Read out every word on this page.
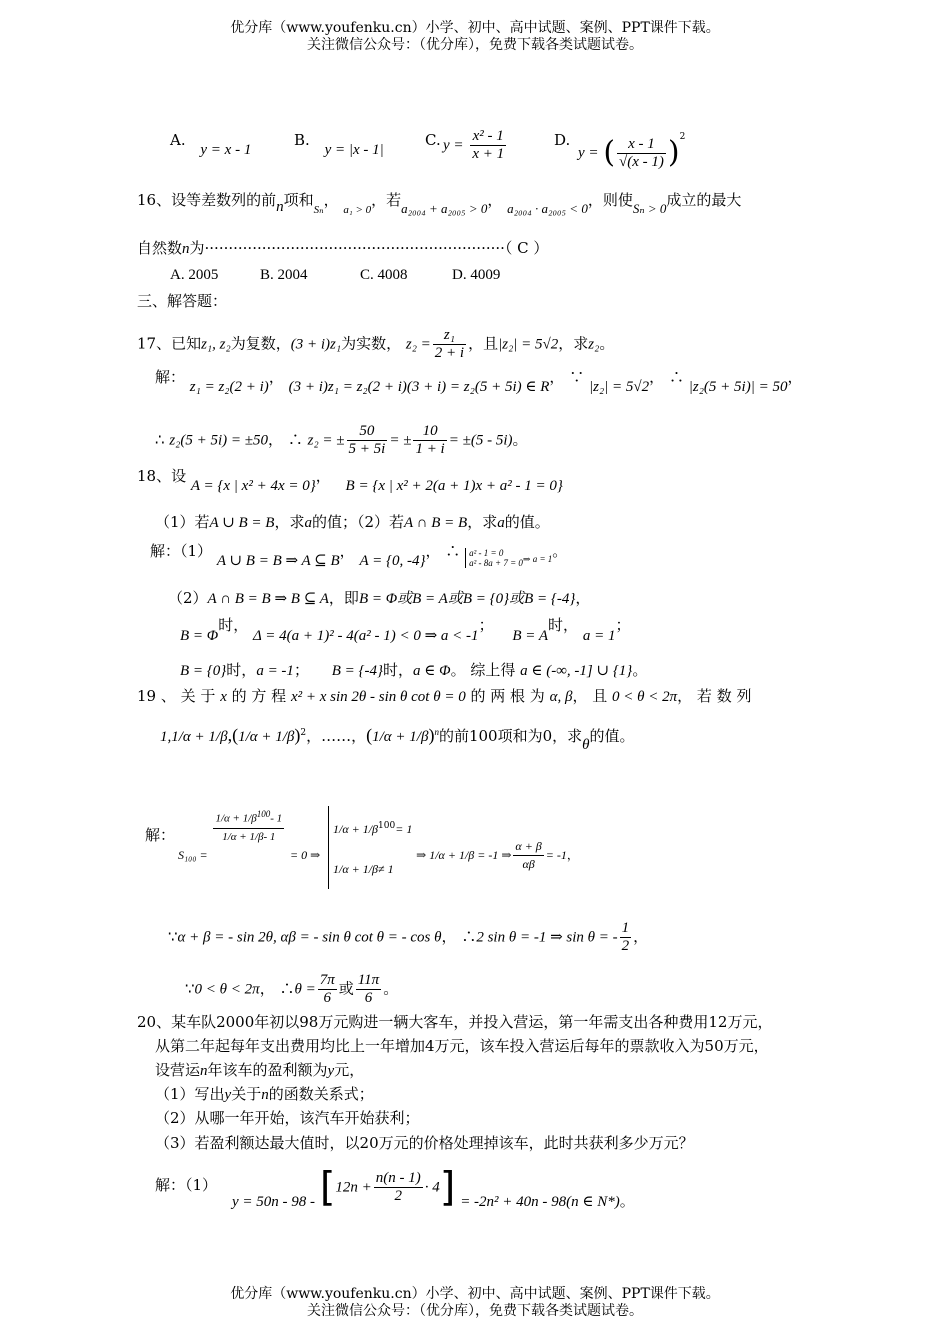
优分库（www.youfenku.cn）小学、初中、高中试题、案例、PPT课件下载。
关注微信公众号：（优分库），免费下载各类试题试卷。
A. y = x - 1
B. y = |x - 1|
C. $y = \frac{\text{x² - 1}}{x + 1}$	D.
y = ( $\frac{x - 1}{√(x - 1)} )^2$
16、设等差数列的前n项和$_{S_n}$， $_{a_1 > 0}$，若a₂₀₀₄ + a₂₀₀₅ > 0， a₂₀₀₄ · a₂₀₀₅ < 0，则使Sₙ > 0成立的最大
自然数n为·······························································（ C ）
A. 2005	B. 2004	C. 4008	D. 4009
三、解答题：
17、已知z₁, z₂为复数，(3 + i)z₁为实数， $z_2 = \frac{\text{z₁}}{2 + i}$ ，且|z₂| = 5√2，求z₂。
解： z₁ = z₂(2 + i)， (3 + i)z₁ = z₂(2 + i)(3 + i) = z₂(5 + 5i) ∈ R， ∵ |z₂| = 5√2， ∴ |z₂(5 + 5i)| = 50，
∴ z₂(5 + 5i) = ±50， ∴ z₂ = ± $\frac{50}{5 + 5i}$ = ± $\frac{10}{1 + i} = \pm(5 - 5i)$。
18、设 A = {x | x² + 4x = 0}， B = {x | x² + 2(a + 1)x + a² - 1 = 0}
（1）若A ∪ B = B，求a的值；（2）若A ∩ B = B，求a的值。
解：（1） A ∪ B = B ⇒ A ⊆ B， A = {0, -4}， ∴ a² - 1 = 0
a² - 8a + 7 = 0 $_{\Rightarrow a = 1}$。
（2）A ∩ B = B ⇒ B ⊆ A，即B = Φ或B = A或B = {0}或B = {-4}，
B = Φ时， Δ = 4(a + 1)² - 4(a² - 1) < 0 ⇒ a < -1； B = A时， a = 1；
B = {0}时，a = -1； B = {-4}时，a ∈ Φ。 综上得 a ∈ (-∞, -1] ∪ {1}。
19 、 关 于 x 的 方 程 x² + x sin 2θ - sin θ cot θ = 0 的 两 根 为 α, β， 且 0 < θ < 2π， 若 数 列
$1,1/\alpha + 1/\beta,(1/\alpha + 1/\beta)^2$，……，$(1/\alpha + 1/\beta)^n$的前100项和为0，求θ的值。
解：
S₁₀₀ =
$\frac{1/\alpha + 1/\beta^{100}- 1}{1/\alpha + 1/\beta- 1}$
= 0 ⇒
$1/\alpha + 1/\beta^{100}= 1$
1/α + 1/β≠ 1
⇒ 1/α + 1/β = -1 ⇒ $\frac{\alpha + \beta}{\alpha\beta} = -1$，
∵α + β = - sin 2θ, αβ = - sin θ cot θ = - cos θ， ∴2 sin θ = -1 ⇒ sin θ = - $\frac{1}{2}$ ，
∵0 < θ < 2π， ∴θ = $\frac{7\pi}{6}$ 或 $\frac{11\pi}{6}$ 。
20、某车队2000年初以98万元购进一辆大客车，并投入营运，第一年需支出各种费用12万元，
从第二年起每年支出费用均比上一年增加4万元，该车投入营运后每年的票款收入为50万元，
设营运n年该车的盈利额为y元，
（1）写出y关于n的函数关系式；
（2）从哪一年开始，该汽车开始获利；
（3）若盈利额达最大值时，以20万元的价格处理掉该车，此时共获利多少万元？
解：（1）
$y = 50n - 98 - [12n + \frac{n(n - 1)}{2} \cdot 4] = -2n^2 + 40n - 98(n$ ∈ N*)。
优分库（www.youfenku.cn）小学、初中、高中试题、案例、PPT课件下载。
关注微信公众号：（优分库），免费下载各类试题试卷。
